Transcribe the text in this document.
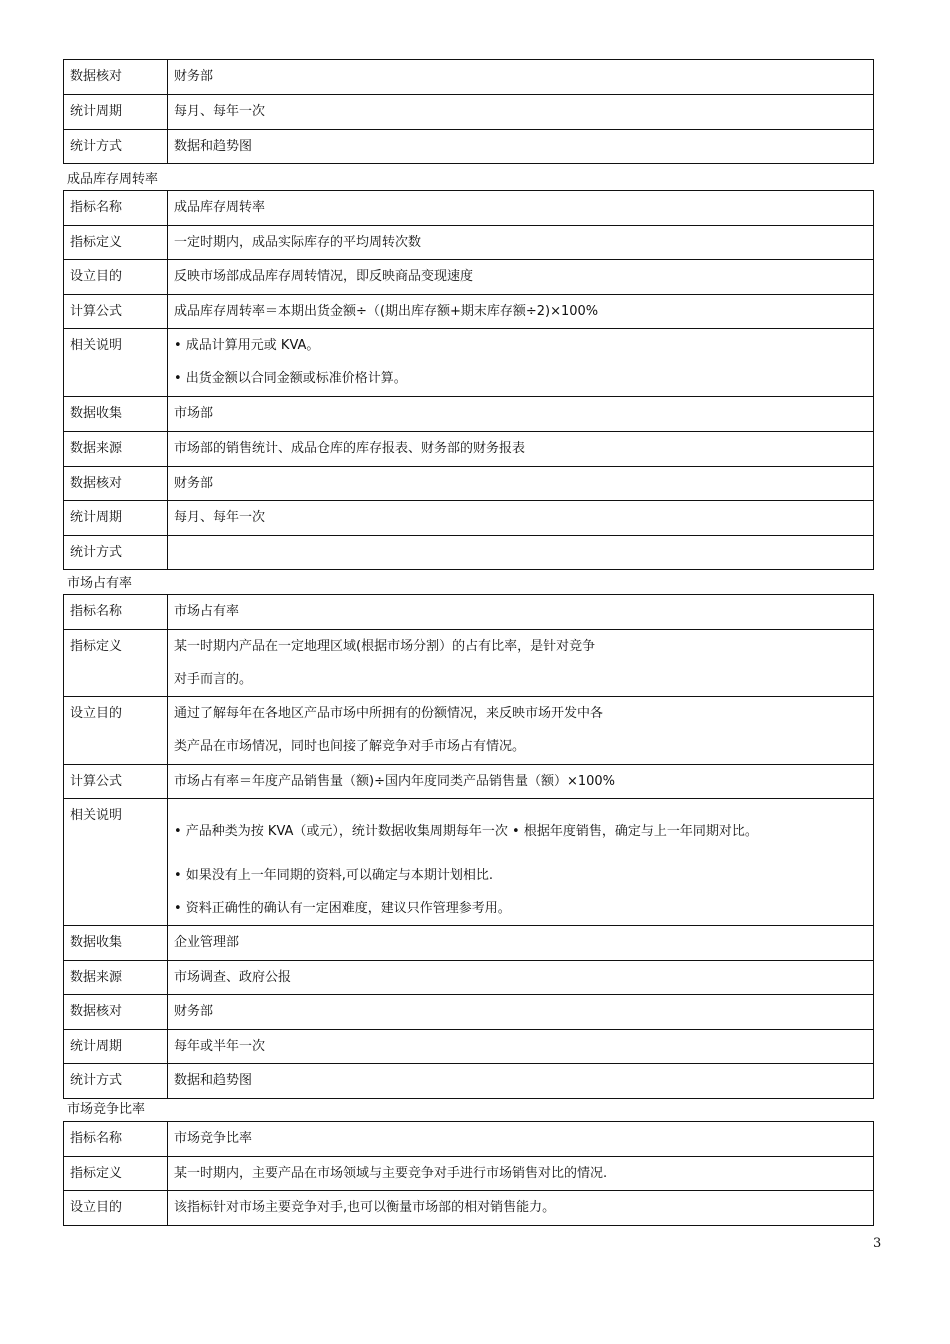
数据核对	财务部
统计周期	每月、每年一次
统计方式	数据和趋势图
成品库存周转率
指标名称	成品库存周转率
指标定义	一定时期内，成品实际库存的平均周转次数
设立目的	反映市场部成品库存周转情况，即反映商品变现速度
计算公式	成品库存周转率＝本期出货金额÷（(期出库存额+期末库存额÷2)×100%
相关说明	• 成品计算用元或 KVA。
• 出货金额以合同金额或标准价格计算。

数据收集	市场部
数据来源	市场部的销售统计、成品仓库的库存报表、财务部的财务报表
数据核对	财务部
统计周期	每月、每年一次
统计方式	
市场占有率
指标名称	市场占有率
指标定义	某一时期内产品在一定地理区域(根据市场分割）的占有比率，是针对竞争
对手而言的。

设立目的	通过了解每年在各地区产品市场中所拥有的份额情况，来反映市场开发中各
类产品在市场情况，同时也间接了解竞争对手市场占有情况。

计算公式	市场占有率＝年度产品销售量（额)÷国内年度同类产品销售量（额）×100%
相关说明	• 产品种类为按 KVA（或元），统计数据收集周期每年一次 • 根据年度销售，确定与上一年同期对比。
• 如果没有上一年同期的资料,可以确定与本期计划相比.
• 资料正确性的确认有一定困难度，建议只作管理参考用。

数据收集	企业管理部
数据来源	市场调查、政府公报
数据核对	财务部
统计周期	每年或半年一次
统计方式	数据和趋势图
市场竞争比率
指标名称	市场竞争比率
指标定义	某一时期内，主要产品在市场领域与主要竞争对手进行市场销售对比的情况.
设立目的	该指标针对市场主要竞争对手,也可以衡量市场部的相对销售能力。
3
